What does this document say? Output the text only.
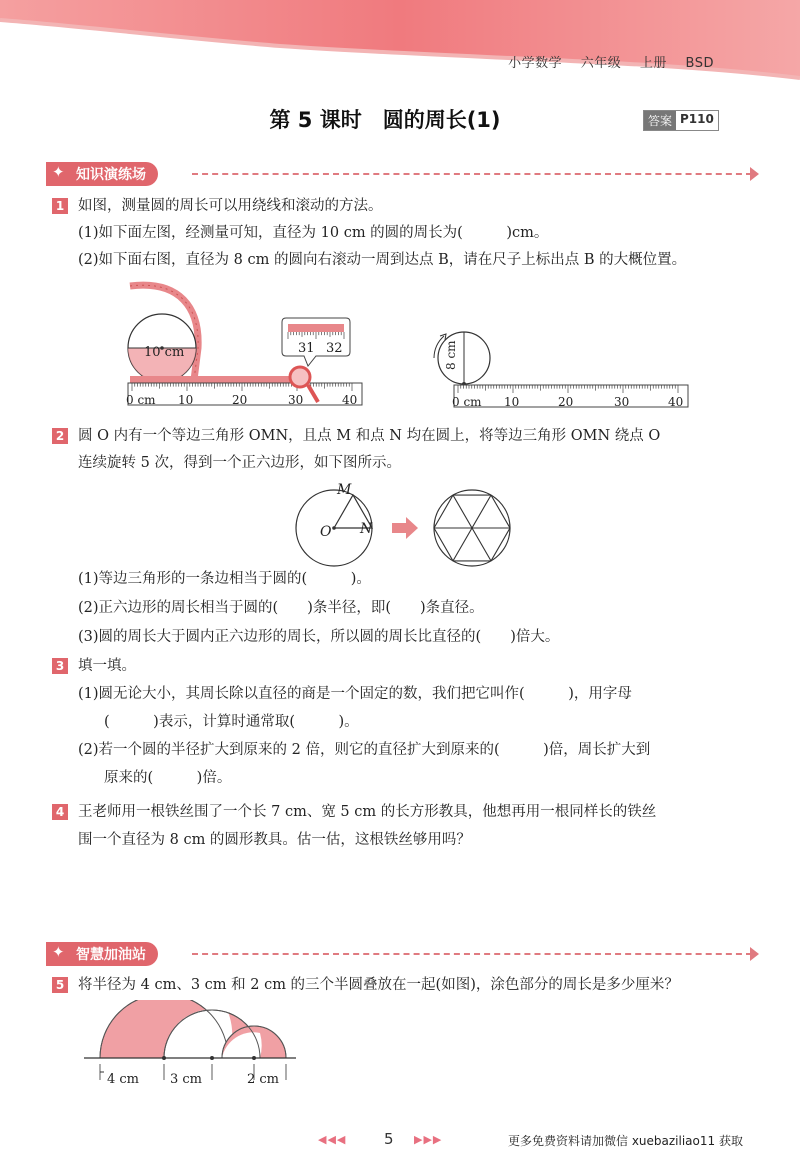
小学数学 六年级 上册 BSD
第 5 课时　圆的周长(1)	答案 P110
✦ 知识演练场
1 如图，测量圆的周长可以用绕线和滚动的方法。
(1)如下面左图，经测量可知，直径为 10 cm 的圆的周长为(　　　)cm。
(2)如下面右图，直径为 8 cm 的圆向右滚动一周到达点 B，请在尺子上标出点 B 的大概位置。
10 cm
0 cm 10	20	30	40
31 32	8 cm
0 cm 10	20	30	40
2 圆 O 内有一个等边三角形 OMN，且点 M 和点 N 均在圆上，将等边三角形 OMN 绕点 O
连续旋转 5 次，得到一个正六边形，如下图所示。
M
O N
(1)等边三角形的一条边相当于圆的(　　　)。
(2)正六边形的周长相当于圆的(　　)条半径，即(　　)条直径。
(3)圆的周长大于圆内正六边形的周长，所以圆的周长比直径的(　　)倍大。
3 填一填。
(1)圆无论大小，其周长除以直径的商是一个固定的数，我们把它叫作(　　　)，用字母
(　　　)表示，计算时通常取(　　　)。
(2)若一个圆的半径扩大到原来的 2 倍，则它的直径扩大到原来的(　　　)倍，周长扩大到
原来的(　　　)倍。
4 王老师用一根铁丝围了一个长 7 cm、宽 5 cm 的长方形教具，他想再用一根同样长的铁丝
围一个直径为 8 cm 的圆形教具。估一估，这根铁丝够用吗？
✦ 智慧加油站
5 将半径为 4 cm、3 cm 和 2 cm 的三个半圆叠放在一起(如图)，涂色部分的周长是多少厘米？
4 cm 3 cm	2 cm
◀◀◀	5 ▶▶▶	更多免费资料请加微信 xuebaziliao11 获取
